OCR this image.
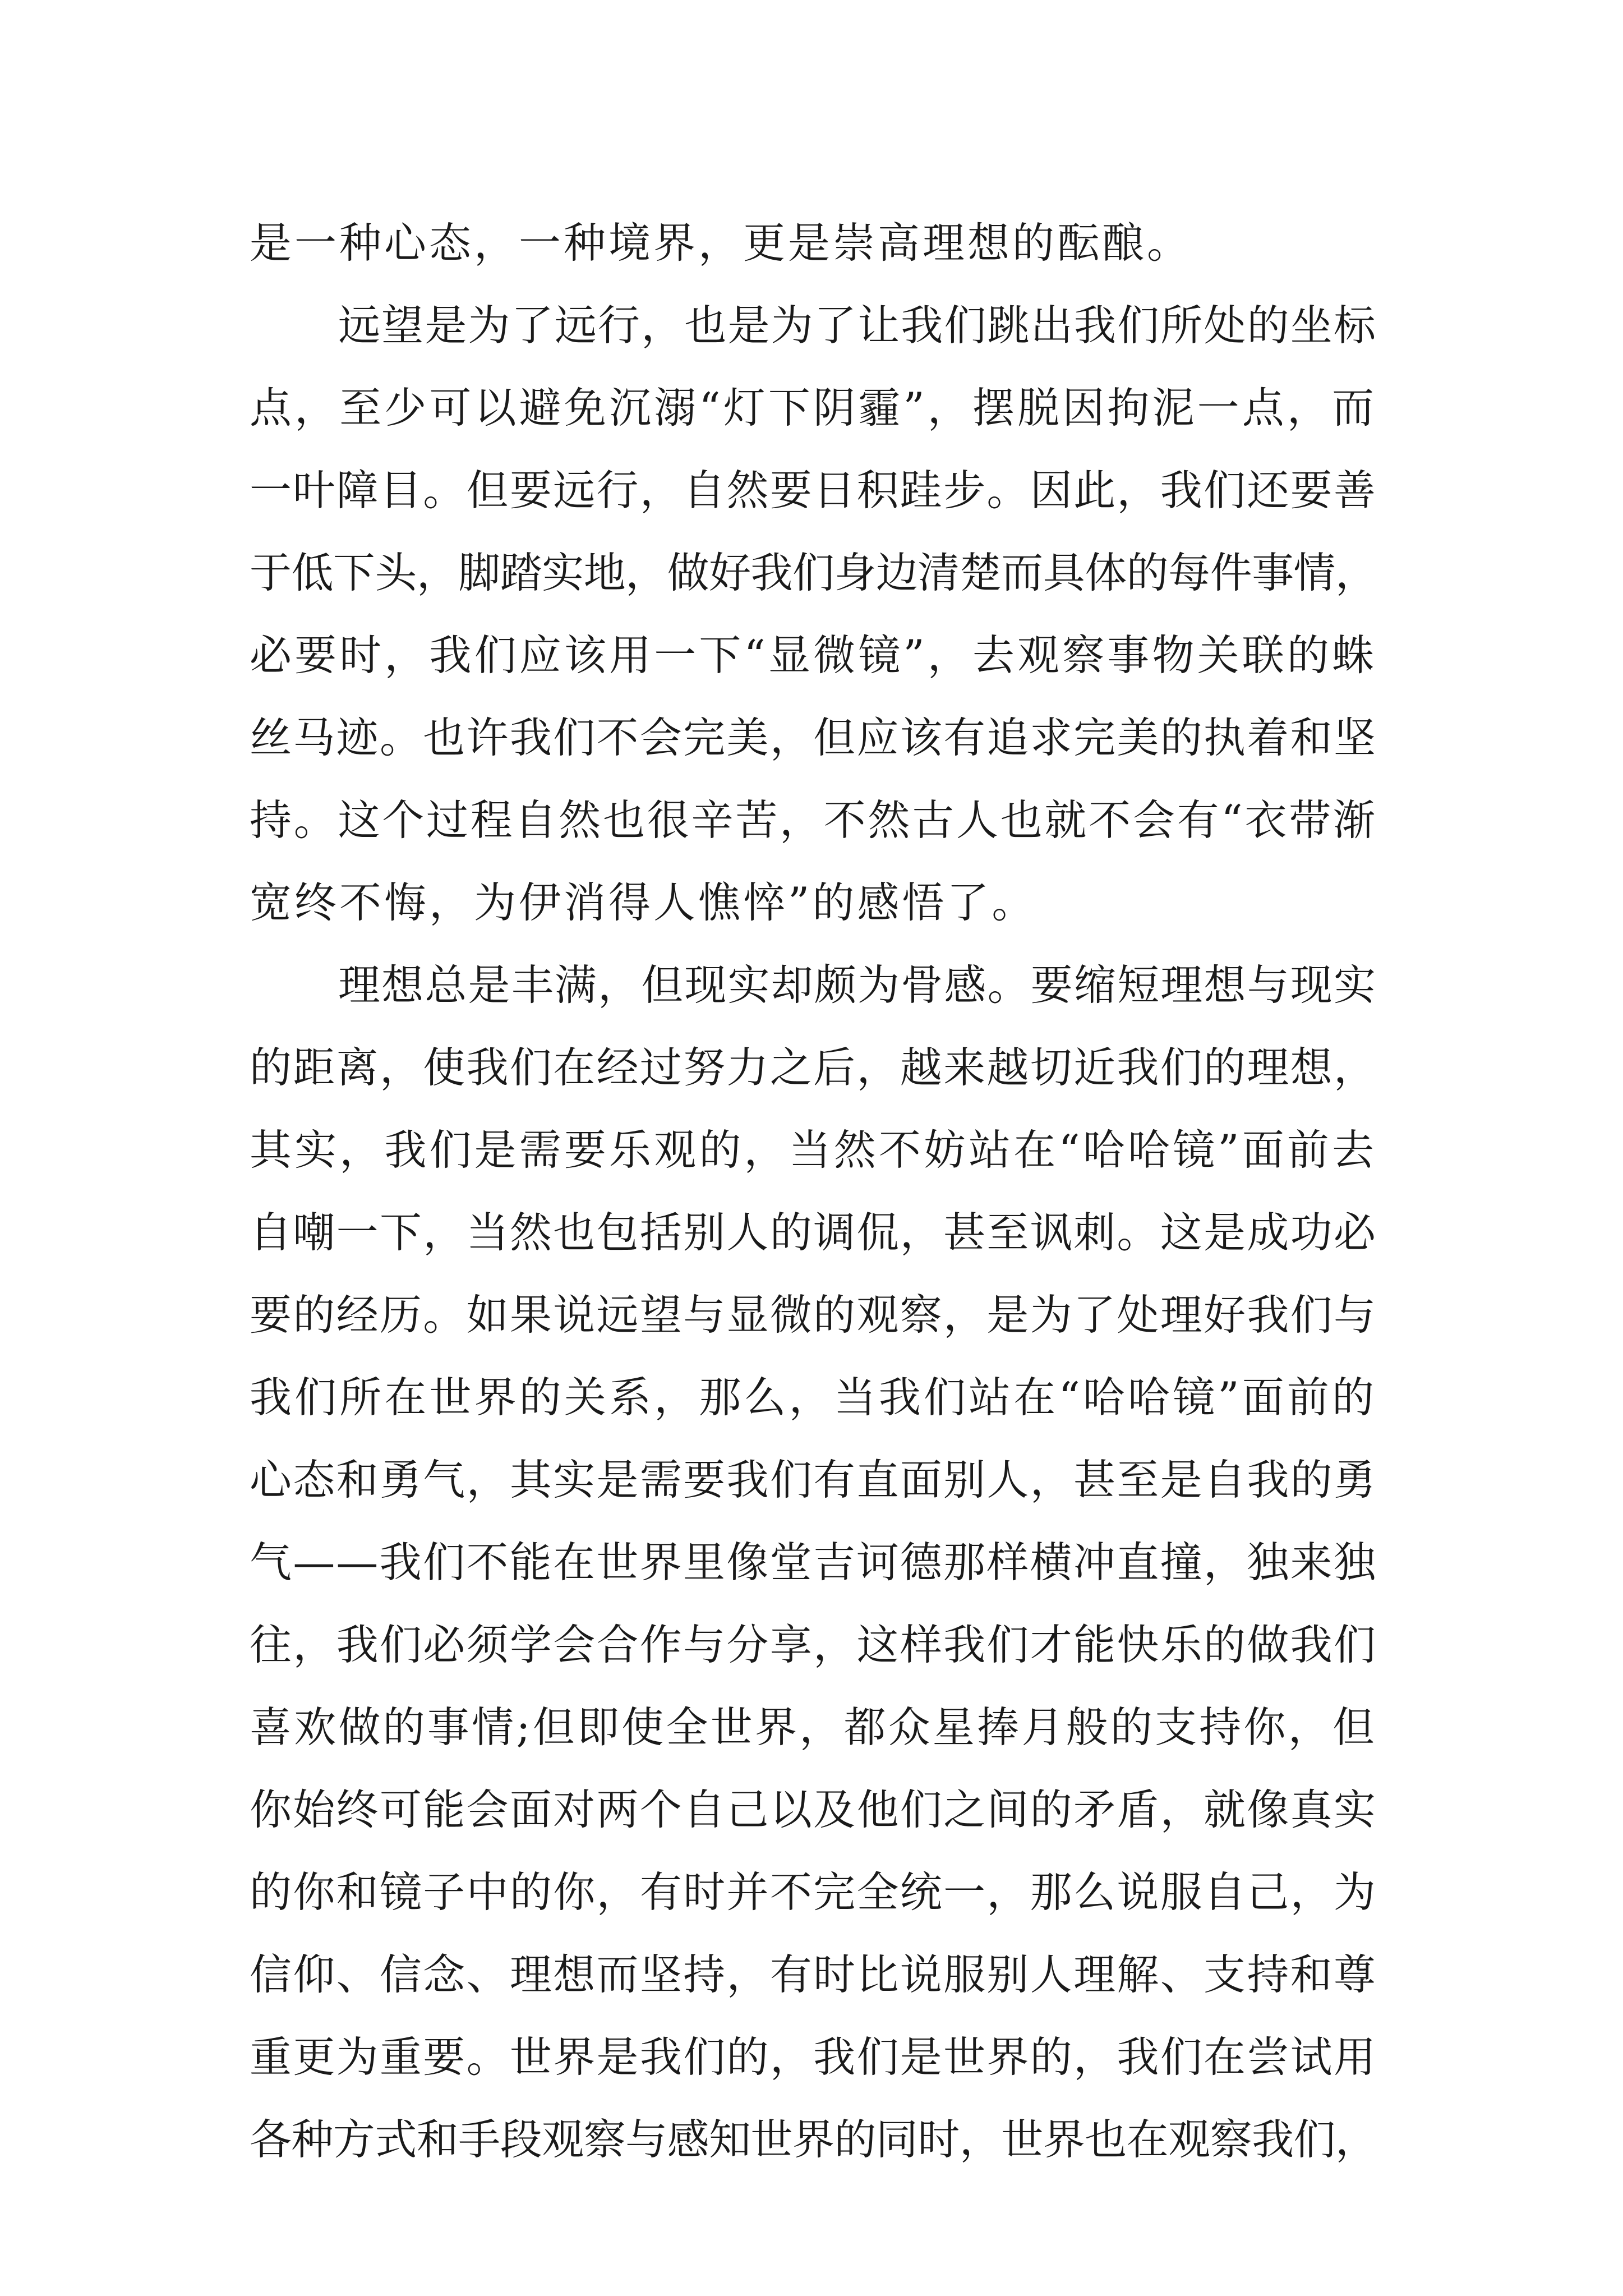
是一种心态，一种境界，更是崇高理想的酝酿。
远望是为了远行，也是为了让我们跳出我们所处的坐标
点，至少可以避免沉溺“灯下阴霾”，摆脱因拘泥一点，而
一叶障目。但要远行，自然要日积跬步。因此，我们还要善
于低下头，脚踏实地，做好我们身边清楚而具体的每件事情，
必要时，我们应该用一下“显微镜”，去观察事物关联的蛛
丝马迹。也许我们不会完美，但应该有追求完美的执着和坚
持。这个过程自然也很辛苦，不然古人也就不会有“衣带渐
宽终不悔，为伊消得人憔悴”的感悟了。
理想总是丰满，但现实却颇为骨感。要缩短理想与现实
的距离，使我们在经过努力之后，越来越切近我们的理想，
其实，我们是需要乐观的，当然不妨站在“哈哈镜”面前去
自嘲一下，当然也包括别人的调侃，甚至讽刺。这是成功必
要的经历。如果说远望与显微的观察，是为了处理好我们与
我们所在世界的关系，那么，当我们站在“哈哈镜”面前的
心态和勇气，其实是需要我们有直面别人，甚至是自我的勇
气——我们不能在世界里像堂吉诃德那样横冲直撞，独来独
往，我们必须学会合作与分享，这样我们才能快乐的做我们
喜欢做的事情;但即使全世界，都众星捧月般的支持你，但
你始终可能会面对两个自己以及他们之间的矛盾，就像真实
的你和镜子中的你，有时并不完全统一，那么说服自己，为
信仰、信念、理想而坚持，有时比说服别人理解、支持和尊
重更为重要。世界是我们的，我们是世界的，我们在尝试用
各种方式和手段观察与感知世界的同时，世界也在观察我们，
